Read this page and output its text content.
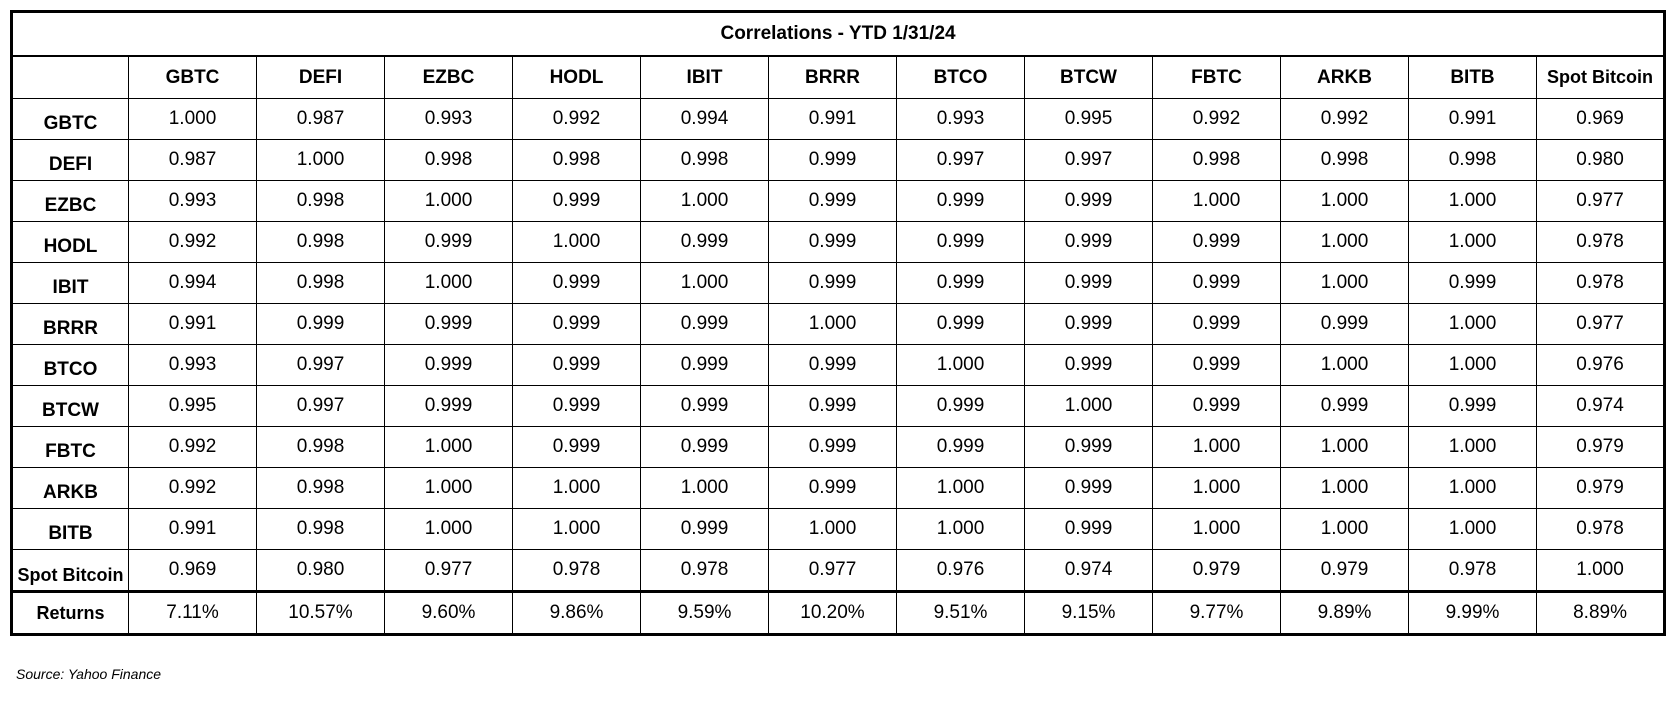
Correlations - YTD 1/31/24												
	GBTC	DEFI	EZBC	HODL	IBIT	BRRR	BTCO	BTCW	FBTC	ARKB	BITB	Spot Bitcoin
GBTC	1.000	0.987	0.993	0.992	0.994	0.991	0.993	0.995	0.992	0.992	0.991	0.969
DEFI	0.987	1.000	0.998	0.998	0.998	0.999	0.997	0.997	0.998	0.998	0.998	0.980
EZBC	0.993	0.998	1.000	0.999	1.000	0.999	0.999	0.999	1.000	1.000	1.000	0.977
HODL	0.992	0.998	0.999	1.000	0.999	0.999	0.999	0.999	0.999	1.000	1.000	0.978
IBIT	0.994	0.998	1.000	0.999	1.000	0.999	0.999	0.999	0.999	1.000	0.999	0.978
BRRR	0.991	0.999	0.999	0.999	0.999	1.000	0.999	0.999	0.999	0.999	1.000	0.977
BTCO	0.993	0.997	0.999	0.999	0.999	0.999	1.000	0.999	0.999	1.000	1.000	0.976
BTCW	0.995	0.997	0.999	0.999	0.999	0.999	0.999	1.000	0.999	0.999	0.999	0.974
FBTC	0.992	0.998	1.000	0.999	0.999	0.999	0.999	0.999	1.000	1.000	1.000	0.979
ARKB	0.992	0.998	1.000	1.000	1.000	0.999	1.000	0.999	1.000	1.000	1.000	0.979
BITB	0.991	0.998	1.000	1.000	0.999	1.000	1.000	0.999	1.000	1.000	1.000	0.978
Spot Bitcoin	0.969	0.980	0.977	0.978	0.978	0.977	0.976	0.974	0.979	0.979	0.978	1.000
Returns	7.11%	10.57%	9.60%	9.86%	9.59%	10.20%	9.51%	9.15%	9.77%	9.89%	9.99%	8.89%
Source: Yahoo Finance
